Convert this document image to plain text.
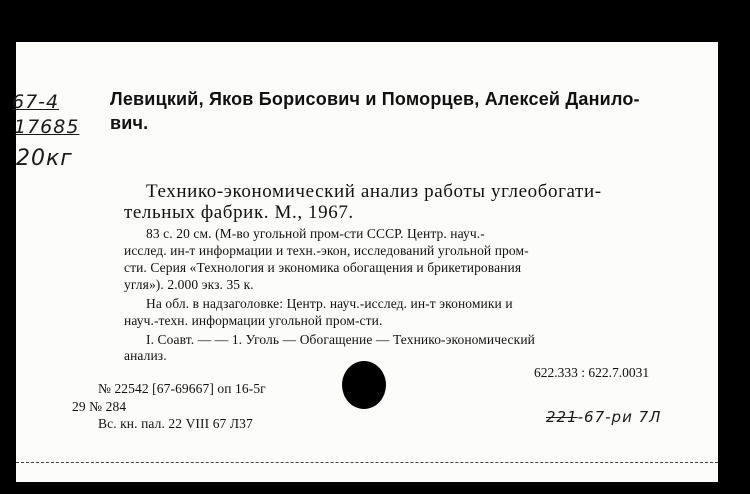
67-4
17685
20кг
221-67-ри 7Л
Левицкий, Яков Борисович и Поморцев, Алексей Данило-
вич.
Технико-экономический анализ работы углеобогати-
тельных фабрик. М., 1967.
83 с. 20 см. (М-во угольной пром-сти СССР. Центр. науч.-
исслед. ин-т информации и техн.-экон, исследований угольной пром-
сти. Серия «Технология и экономика обогащения и брикетирования
угля»). 2.000 экз. 35 к.
На обл. в надзаголовке: Центр. науч.-исслед. ин-т экономики и
науч.-техн. информации угольной пром-сти.
I. Соавт. — — 1. Уголь — Обогащение — Технико-экономический
анализ.
622.333 : 622.7.0031
№ 22542 [67-69667] оп 16-5г
29 № 284
Вс. кн. пал. 22 VIII 67 Л37
